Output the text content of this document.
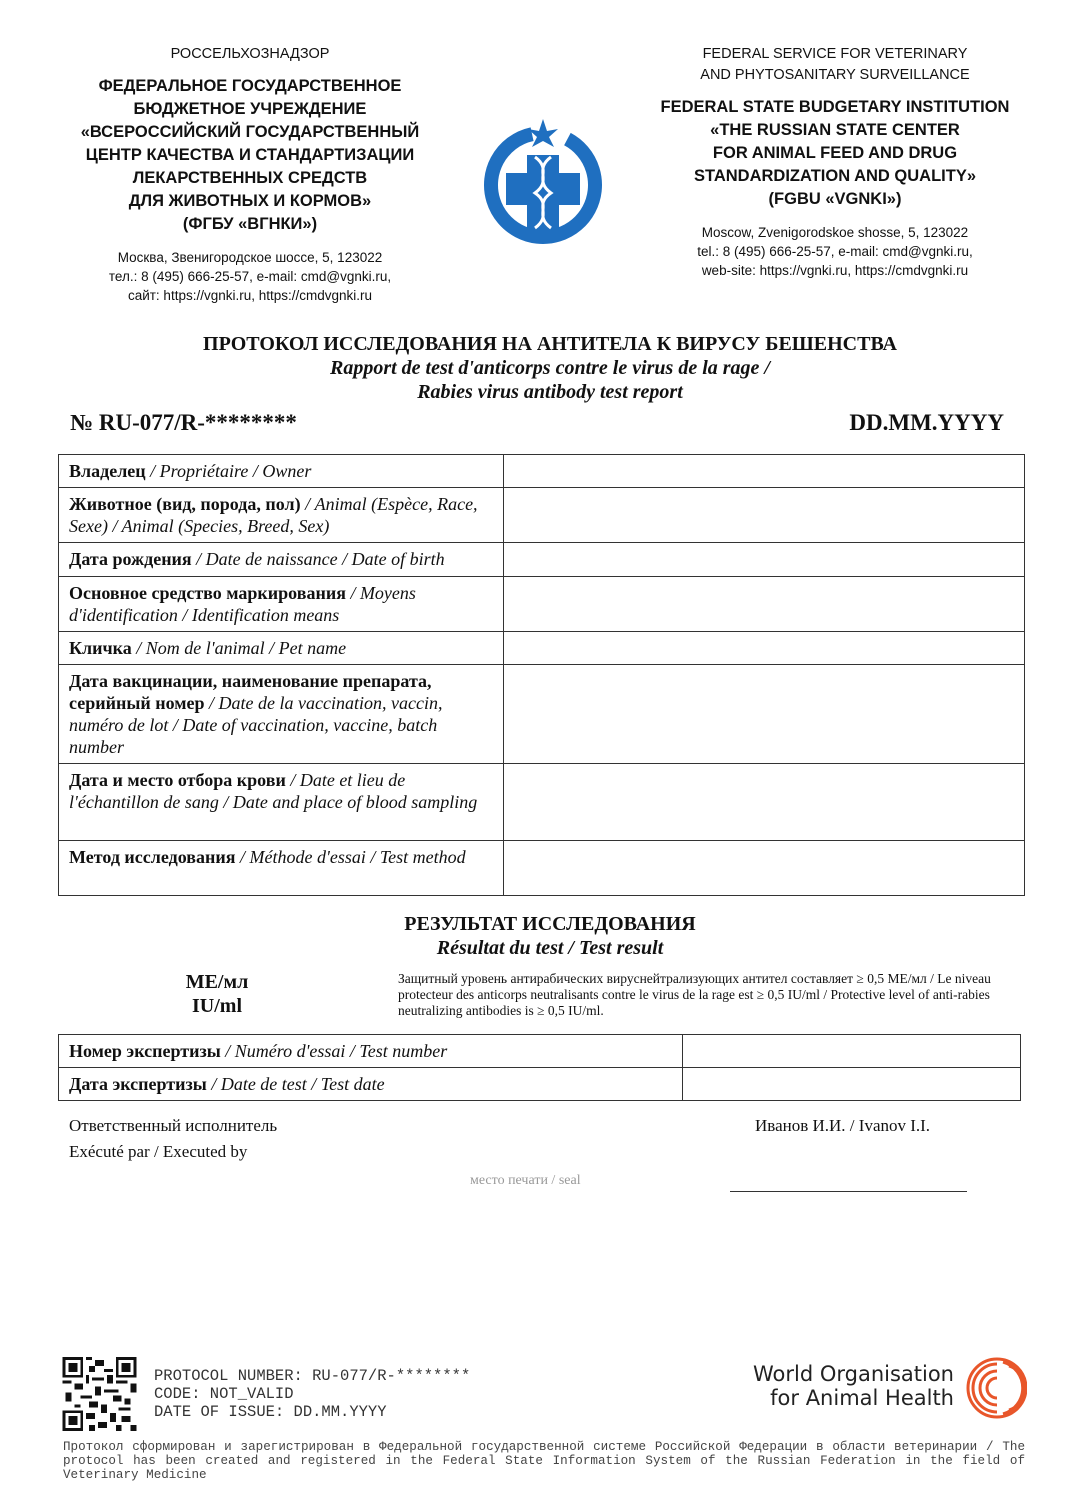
РОССЕЛЬХОЗНАДЗОР
ФЕДЕРАЛЬНОЕ ГОСУДАРСТВЕННОЕ
БЮДЖЕТНОЕ УЧРЕЖДЕНИЕ
«ВСЕРОССИЙСКИЙ ГОСУДАРСТВЕННЫЙ
ЦЕНТР КАЧЕСТВА И СТАНДАРТИЗАЦИИ
ЛЕКАРСТВЕННЫХ СРЕДСТВ
ДЛЯ ЖИВОТНЫХ И КОРМОВ»
(ФГБУ «ВГНКИ»)
Москва, Звенигородское шоссе, 5, 123022
тел.: 8 (495) 666-25-57, e-mail: cmd@vgnki.ru,
сайт: https://vgnki.ru, https://cmdvgnki.ru
FEDERAL SERVICE FOR VETERINARY
AND PHYTOSANITARY SURVEILLANCE
FEDERAL STATE BUDGETARY INSTITUTION
«THE RUSSIAN STATE CENTER
FOR ANIMAL FEED AND DRUG
STANDARDIZATION AND QUALITY»
(FGBU «VGNKI»)
Moscow, Zvenigorodskoe shosse, 5, 123022
tel.: 8 (495) 666-25-57, e-mail: cmd@vgnki.ru,
web-site: https://vgnki.ru, https://cmdvgnki.ru
ПРОТОКОЛ ИССЛЕДОВАНИЯ НА АНТИТЕЛА К ВИРУСУ БЕШЕНСТВА
Rapport de test d'anticorps contre le virus de la rage /
Rabies virus antibody test report
№ RU-077/R-********	DD.MM.YYYY
Владелец / Propriétaire / Owner	
Животное (вид, порода, пол) / Animal (Espèce, Race, Sexe) / Animal (Species, Breed, Sex)	
Дата рождения / Date de naissance / Date of birth	
Основное средство маркирования / Moyens d'identification / Identification means	
Кличка / Nom de l'animal / Pet name	
Дата вакцинации, наименование препарата, серийный номер / Date de la vaccination, vaccin, numéro de lot / Date of vaccination, vaccine, batch number	
Дата и место отбора крови / Date et lieu de l'échantillon de sang / Date and place of blood sampling	
Метод исследования / Méthode d'essai / Test method	
РЕЗУЛЬТАТ ИССЛЕДОВАНИЯ
Résultat du test / Test result
МЕ/мл
IU/ml
Защитный уровень антирабических вируснейтрализующих антител составляет ≥ 0,5 МЕ/мл / Le niveau protecteur des anticorps neutralisants contre le virus de la rage est ≥ 0,5 IU/ml / Protective level of anti-rabies neutralizing antibodies is ≥ 0,5 IU/ml.
Номер экспертизы / Numéro d'essai / Test number	
Дата экспертизы / Date de test / Test date	
Ответственный исполнитель
Exécuté par / Executed by
Иванов И.И. / Ivanov I.I.
место печати / seal
PROTOCOL NUMBER: RU-077/R-********
CODE: NOT_VALID
DATE OF ISSUE: DD.MM.YYYY
World Organisation
for Animal Health
Протокол сформирован и зарегистрирован в Федеральной государственной системе Российской Федерации в области ветеринарии / The protocol has been created and registered in the Federal State Information System of the Russian Federation in the field of Veterinary Medicine
